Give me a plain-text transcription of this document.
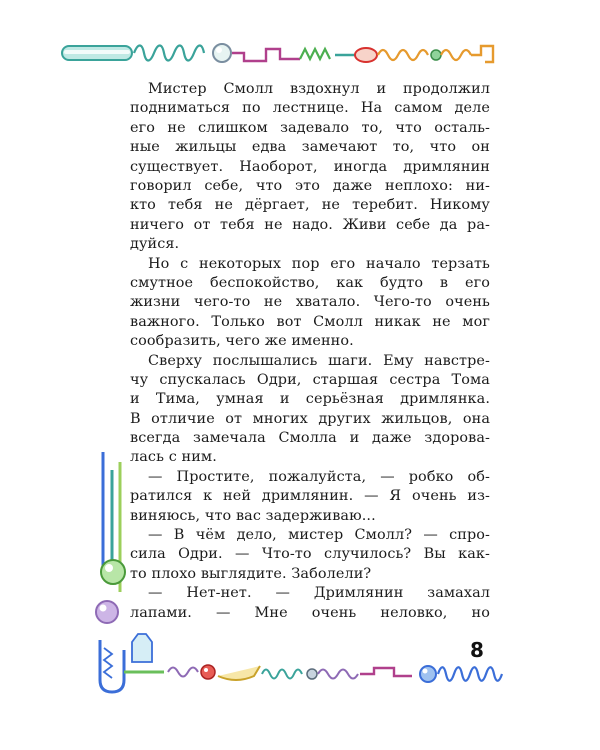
Мистер Смолл вздохнул и продолжил
подниматься по лестнице. На самом деле
его не слишком задевало то, что осталь-
ные жильцы едва замечают то, что он
существует. Наоборот, иногда дримлянин
говорил себе, что это даже неплохо: ни-
кто тебя не дёргает, не теребит. Никому
ничего от тебя не надо. Живи себе да ра-
дуйся.
Но с некоторых пор его начало терзать
смутное беспокойство, как будто в его
жизни чего-то не хватало. Чего-то очень
важного. Только вот Смолл никак не мог
сообразить, чего же именно.
Сверху послышались шаги. Ему навстре-
чу спускалась Одри, старшая сестра Тома
и Тима, умная и серьёзная дримлянка.
В отличие от многих других жильцов, она
всегда замечала Смолла и даже здорова-
лась с ним.
— Простите, пожалуйста, — робко об-
ратился к ней дримлянин. — Я очень из-
виняюсь, что вас задерживаю...
— В чём дело, мистер Смолл? — спро-
сила Одри. — Что-то случилось? Вы как-
то плохо выглядите. Заболели?
— Нет-нет. — Дримлянин замахал
лапами. — Мне очень неловко, но
8
